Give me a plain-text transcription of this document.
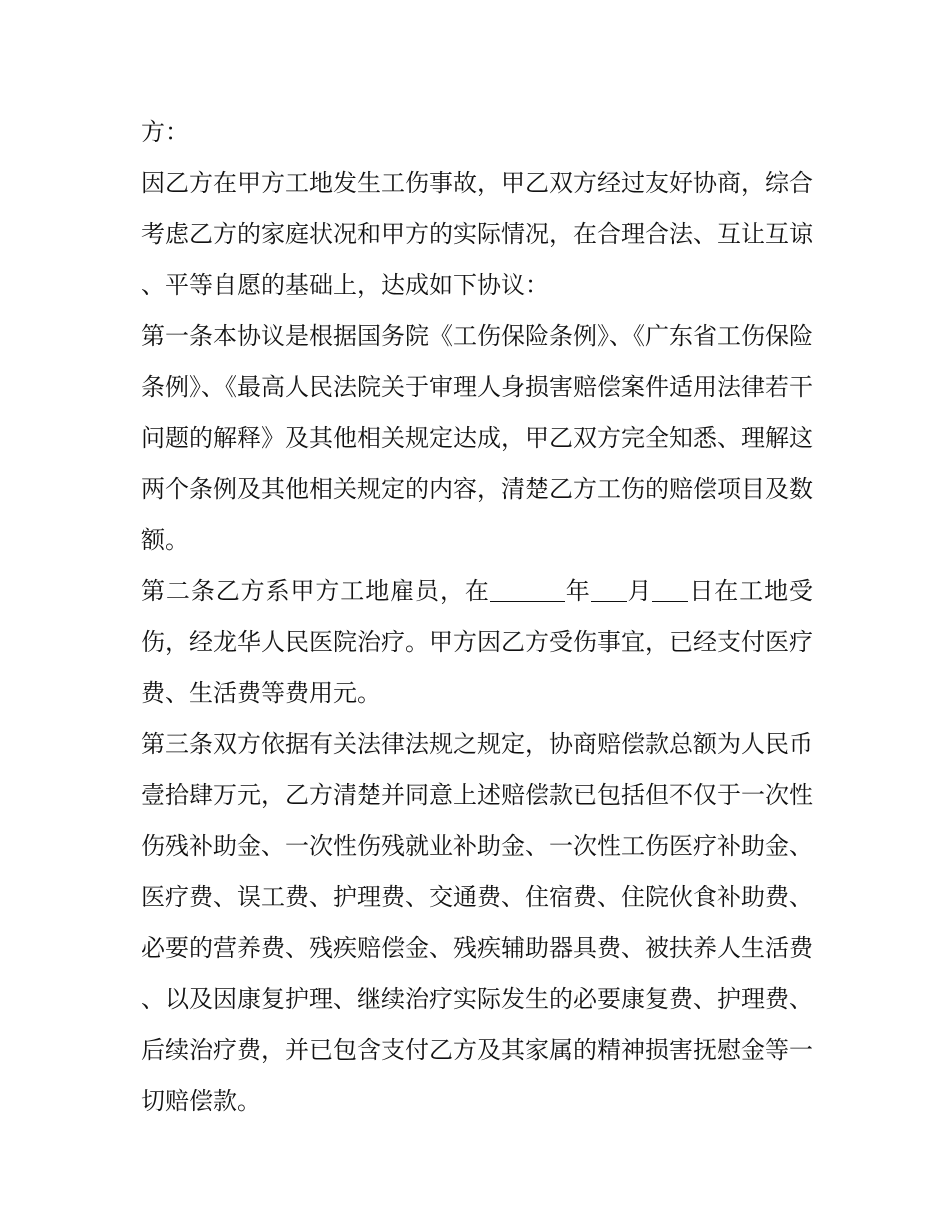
方：

因乙方在甲方工地发生工伤事故，甲乙双方经过友好协商，综合考虑乙方的家庭状况和甲方的实际情况，在合理合法、互让互谅、平等自愿的基础上，达成如下协议：

第一条本协议是根据国务院《工伤保险条例》、《广东省工伤保险条例》、《最高人民法院关于审理人身损害赔偿案件适用法律若干问题的解释》及其他相关规定达成，甲乙双方完全知悉、理解这两个条例及其他相关规定的内容，清楚乙方工伤的赔偿项目及数额。

第二条乙方系甲方工地雇员，在	年 月 日在工地受伤，经龙华人民医院治疗。甲方因乙方受伤事宜，已经支付医疗费、生活费等费用元。

第三条双方依据有关法律法规之规定，协商赔偿款总额为人民币壹拾肆万元，乙方清楚并同意上述赔偿款已包括但不仅于一次性伤残补助金、一次性伤残就业补助金、一次性工伤医疗补助金、医疗费、误工费、护理费、交通费、住宿费、住院伙食补助费、必要的营养费、残疾赔偿金、残疾辅助器具费、被扶养人生活费、以及因康复护理、继续治疗实际发生的必要康复费、护理费、后续治疗费，并已包含支付乙方及其家属的精神损害抚慰金等一切赔偿款。
